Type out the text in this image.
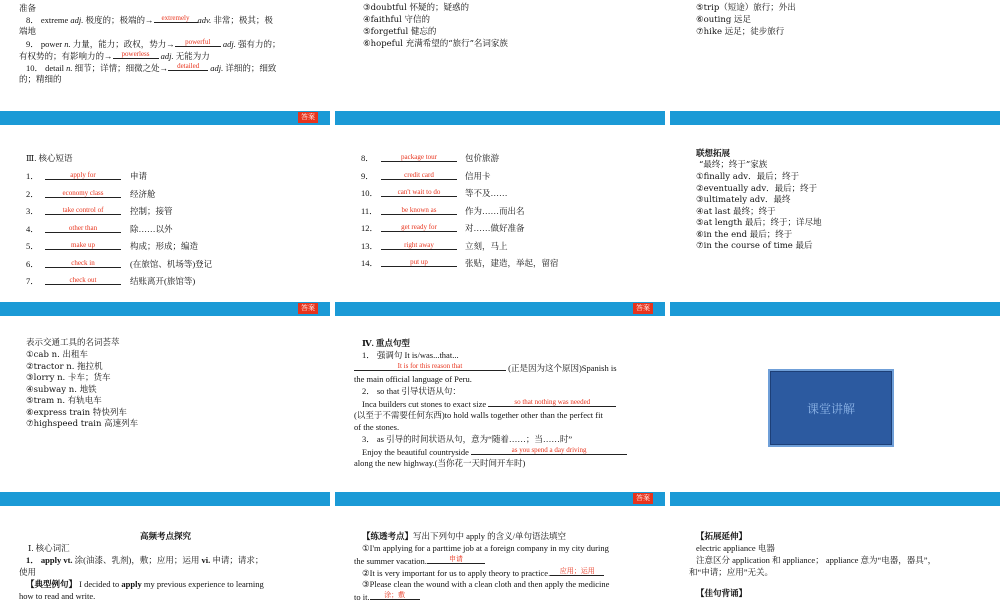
准备
8． extreme adj. 极度的；极端的→ extremely adv. 非常；极其；极
端地
9． power n. 力量，能力；政权，势力→ powerful adj. 强有力的；
有权势的；有影响力的→ powerless adj. 无能为力
10． detail n. 细节；详情；细微之处→ detailed adj. 详细的；细致
的；精细的
答案
③doubtful 怀疑的；疑惑的
④faithful 守信的
⑤forgetful 健忘的
⑥hopeful 充满希望的“旅行”名词家族
⑤trip（短途）旅行；外出
⑥outing 远足
⑦hike 远足；徒步旅行
Ⅲ. 核心短语
1．	apply for	申请
2．	economy class	经济舱
3．	take control of	控制；接管
4．	other than	除……以外
5．	make up	构成；形成；编造
6．	check in	(在旅馆、机场等)登记
7．	check out	结账离开(旅馆等)
答案
8．	package tour	包价旅游
9．	credit card	信用卡
10．	can't wait to do	等不及……
11．	be known as	作为……而出名
12．	get ready for	对……做好准备
13．	right away	立刻，马上
14．	put up	张贴，建造，举起，留宿
答案
联想拓展
“最终；终于”家族
①finally adv．最后；终于
②eventually adv．最后；终于
③ultimately adv．最终
④at last 最终；终于
⑤at length 最后；终于；详尽地
⑥in the end 最后；终于
⑦in the course of time 最后
表示交通工具的名词荟萃
①cab n. 出租车
②tractor n. 拖拉机
③lorry n. 卡车；货车
④subway n. 地铁
⑤tram n. 有轨电车
⑥express train 特快列车
⑦highspeed train 高速列车
Ⅳ. 重点句型
1． 强调句 It is/was...that...
It is for this reason that	(正是因为这个原因)Spanish is
the main official language of Peru.
2． so that 引导状语从句：
Inca builders cut stones to exact size	so that nothing was needed
(以至于不需要任何东西)to hold walls together other than the perfect fit
of the stones.
3． as 引导的时间状语从句，意为“随着……；当……时”
Enjoy the beautiful countryside	as you spend a day driving
along the new highway.(当你花一天时间开车时)
答案
课堂讲解
高频考点探究
Ⅰ. 核心词汇
1． apply vt. 涂(油漆、乳剂)，敷；应用；运用 vi. 申请；请求；
使用
【典型例句】 I decided to apply my previous experience to learning
how to read and write.
【练透考点】写出下列句中 apply 的含义/单句语法填空
①I'm applying for a parttime job at a foreign company in my city during
the summer vacation.	申请
②It is very important for us to apply theory to practice. 应用；运用
③Please clean the wound with a clean cloth and then apply the medicine
to it. 涂；敷
【拓展延伸】
electric appliance 电器
注意区分 application 和 appliance； appliance 意为“电器，器具”，
和“申请；应用”无关。
【佳句背诵】
